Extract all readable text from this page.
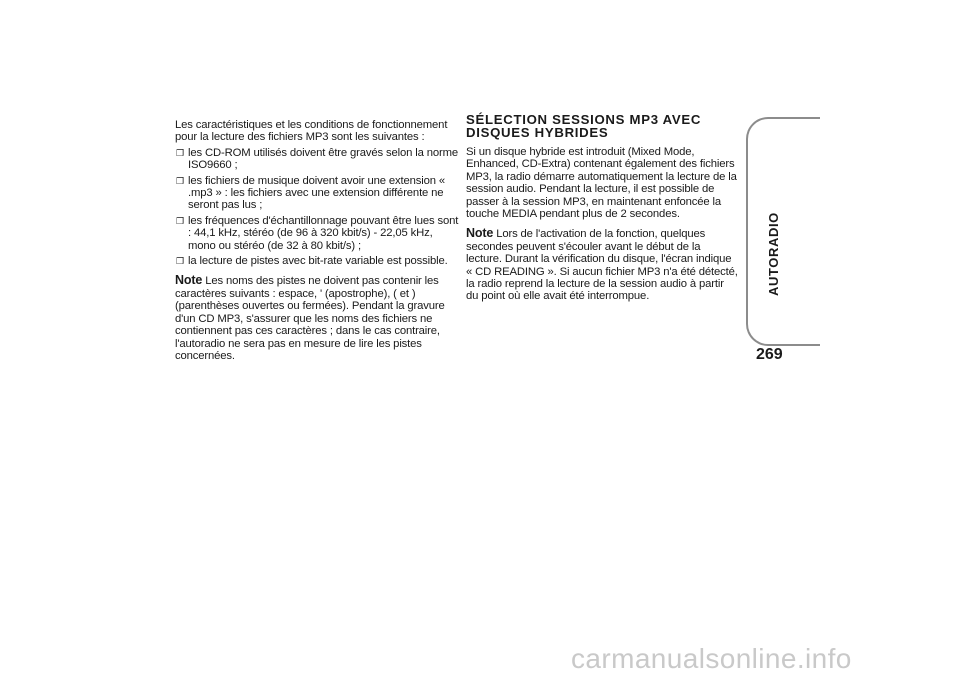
Les caractéristiques et les conditions de fonctionnement pour la lecture des fichiers MP3 sont les suivantes :

❒ les CD-ROM utilisés doivent être gravés selon la norme ISO9660 ;
❒ les fichiers de musique doivent avoir une extension « .mp3 » : les fichiers avec une extension différente ne seront pas lus ;
❒ les fréquences d'échantillonnage pouvant être lues sont : 44,1 kHz, stéréo (de 96 à 320 kbit/s) - 22,05 kHz, mono ou stéréo (de 32 à 80 kbit/s) ;
❒ la lecture de pistes avec bit-rate variable est possible.

Note Les noms des pistes ne doivent pas contenir les caractères suivants : espace, ' (apostrophe), ( et ) (parenthèses ouvertes ou fermées). Pendant la gravure d'un CD MP3, s'assurer que les noms des fichiers ne contiennent pas ces caractères ; dans le cas contraire, l'autoradio ne sera pas en mesure de lire les pistes concernées.

SÉLECTION SESSIONS MP3 AVEC DISQUES HYBRIDES

Si un disque hybride est introduit (Mixed Mode, Enhanced, CD-Extra) contenant également des fichiers MP3, la radio démarre automatiquement la lecture de la session audio. Pendant la lecture, il est possible de passer à la session MP3, en maintenant enfoncée la touche MEDIA pendant plus de 2 secondes.

Note Lors de l'activation de la fonction, quelques secondes peuvent s'écouler avant le début de la lecture. Durant la vérification du disque, l'écran indique « CD READING ». Si aucun fichier MP3 n'a été détecté, la radio reprend la lecture de la session audio à partir du point où elle avait été interrompue.

AUTORADIO
269
carmanualsonline.info
